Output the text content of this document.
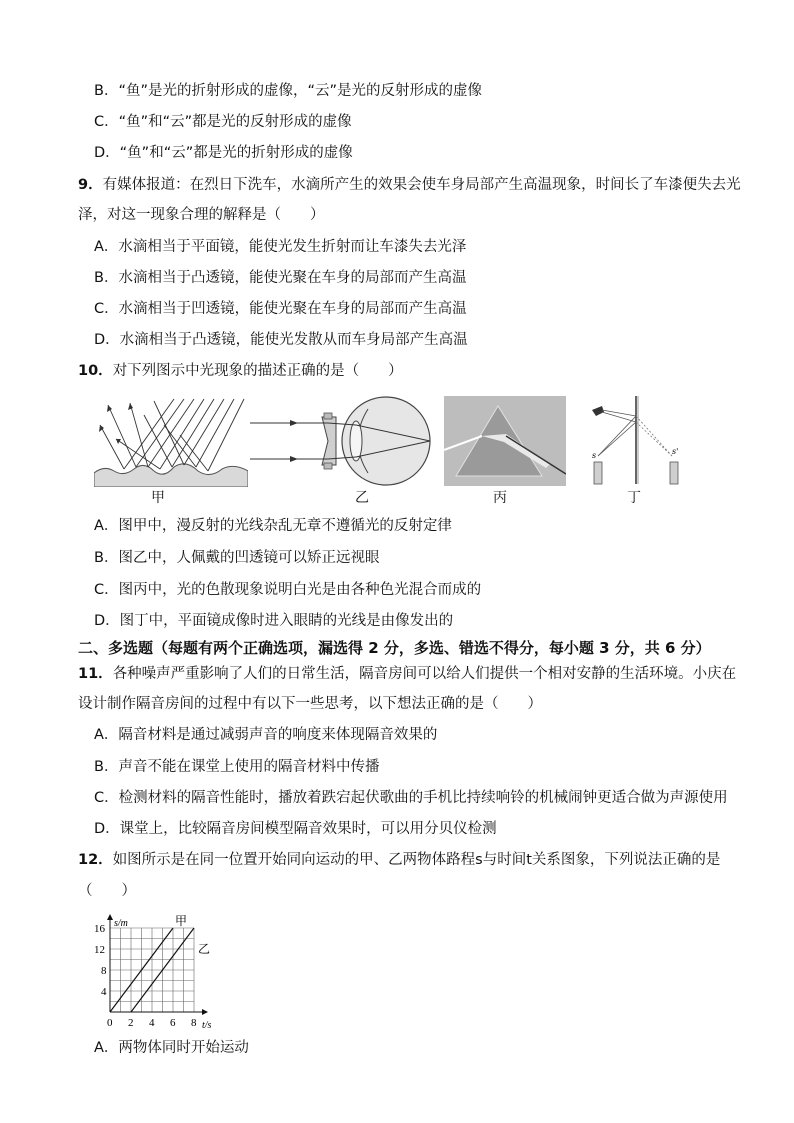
B．“鱼”是光的折射形成的虚像，“云”是光的反射形成的虚像
C．“鱼”和“云”都是光的反射形成的虚像
D．“鱼”和“云”都是光的折射形成的虚像
9．有媒体报道：在烈日下洗车，水滴所产生的效果会使车身局部产生高温现象，时间长了车漆便失去光
泽，对这一现象合理的解释是（　　）
A．水滴相当于平面镜，能使光发生折射而让车漆失去光泽
B．水滴相当于凸透镜，能使光聚在车身的局部而产生高温
C．水滴相当于凹透镜，能使光聚在车身的局部而产生高温
D．水滴相当于凸透镜，能使光发散从而车身局部产生高温
10．对下列图示中光现象的描述正确的是（　　）
甲	乙	丙
s	s'
丁
A．图甲中，漫反射的光线杂乱无章不遵循光的反射定律
B．图乙中，人佩戴的凹透镜可以矫正远视眼
C．图丙中，光的色散现象说明白光是由各种色光混合而成的
D．图丁中，平面镜成像时进入眼睛的光线是由像发出的
二、多选题（每题有两个正确选项，漏选得 2 分，多选、错选不得分，每小题 3 分，共 6 分）
11．各种噪声严重影响了人们的日常生活，隔音房间可以给人们提供一个相对安静的生活环境。小庆在
设计制作隔音房间的过程中有以下一些思考，以下想法正确的是（　　）
A．隔音材料是通过减弱声音的响度来体现隔音效果的
B．声音不能在课堂上使用的隔音材料中传播
C．检测材料的隔音性能时，播放着跌宕起伏歌曲的手机比持续响铃的机械闹钟更适合做为声源使用
D．课堂上，比较隔音房间模型隔音效果时，可以用分贝仪检测
12．如图所示是在同一位置开始同向运动的甲、乙两物体路程s与时间t关系图象，下列说法正确的是
（　　）
0 2 4 6 8
4
8
12
16 s/m
t/s
甲
乙
A．两物体同时开始运动
